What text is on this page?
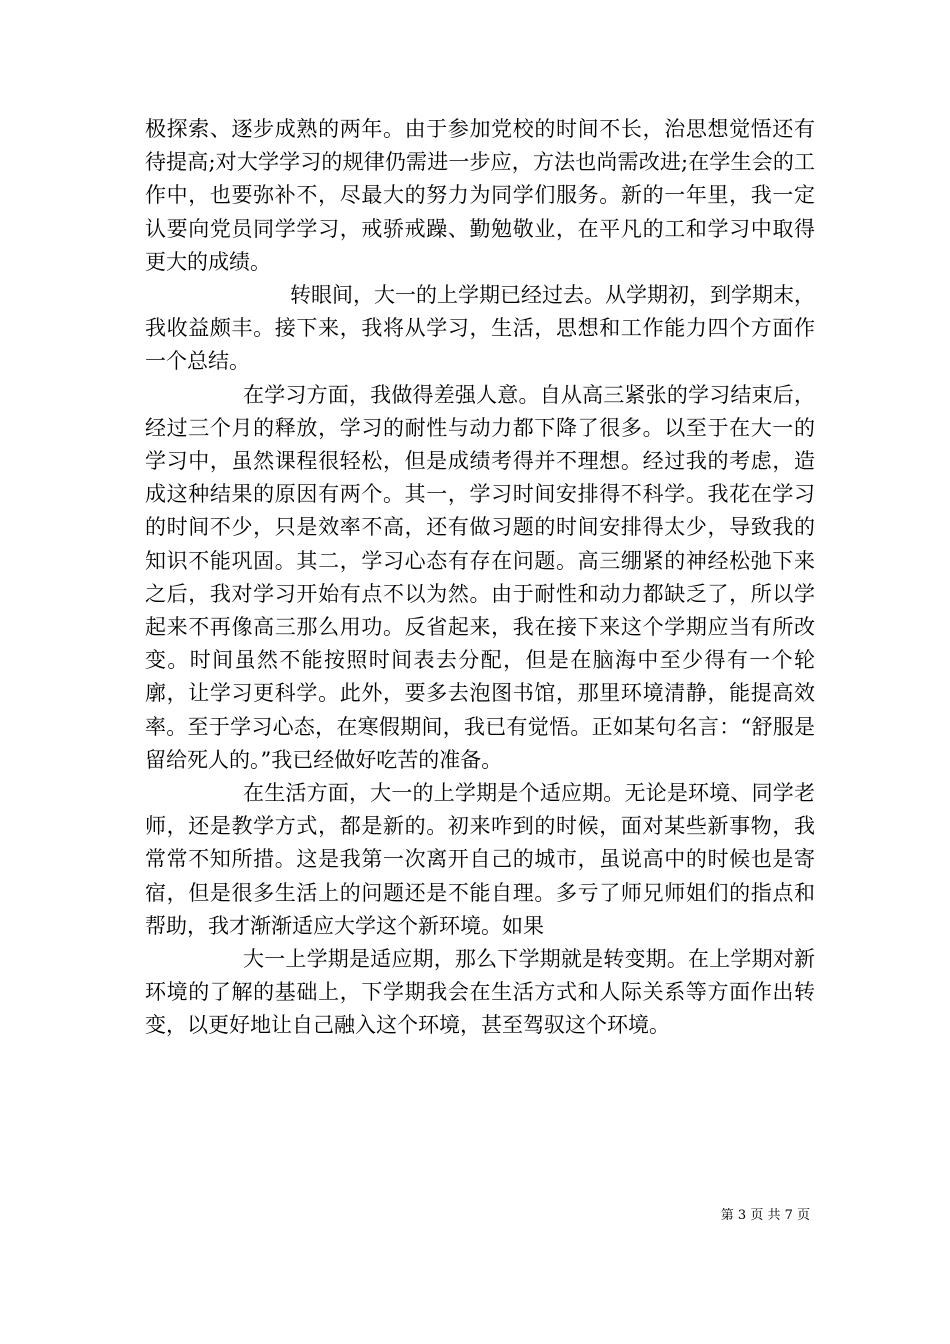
极探索、逐步成熟的两年。由于参加党校的时间不长，治思想觉悟还有待提高;对大学学习的规律仍需进一步应，方法也尚需改进;在学生会的工作中，也要弥补不，尽最大的努力为同学们服务。新的一年里，我一定认要向党员同学学习，戒骄戒躁、勤勉敬业，在平凡的工和学习中取得更大的成绩。

转眼间，大一的上学期已经过去。从学期初，到学期末，我收益颇丰。接下来，我将从学习，生活，思想和工作能力四个方面作一个总结。

在学习方面，我做得差强人意。自从高三紧张的学习结束后，经过三个月的释放，学习的耐性与动力都下降了很多。以至于在大一的学习中，虽然课程很轻松，但是成绩考得并不理想。经过我的考虑，造成这种结果的原因有两个。其一，学习时间安排得不科学。我花在学习的时间不少，只是效率不高，还有做习题的时间安排得太少，导致我的知识不能巩固。其二，学习心态有存在问题。高三绷紧的神经松弛下来之后，我对学习开始有点不以为然。由于耐性和动力都缺乏了，所以学起来不再像高三那么用功。反省起来，我在接下来这个学期应当有所改变。时间虽然不能按照时间表去分配，但是在脑海中至少得有一个轮廓，让学习更科学。此外，要多去泡图书馆，那里环境清静，能提高效率。至于学习心态，在寒假期间，我已有觉悟。正如某句名言：“舒服是留给死人的。”我已经做好吃苦的准备。

在生活方面，大一的上学期是个适应期。无论是环境、同学老师，还是教学方式，都是新的。初来咋到的时候，面对某些新事物，我常常不知所措。这是我第一次离开自己的城市，虽说高中的时候也是寄宿，但是很多生活上的问题还是不能自理。多亏了师兄师姐们的指点和帮助，我才渐渐适应大学这个新环境。如果

大一上学期是适应期，那么下学期就是转变期。在上学期对新环境的了解的基础上，下学期我会在生活方式和人际关系等方面作出转变，以更好地让自己融入这个环境，甚至驾驭这个环境。

第 3 页 共 7 页
